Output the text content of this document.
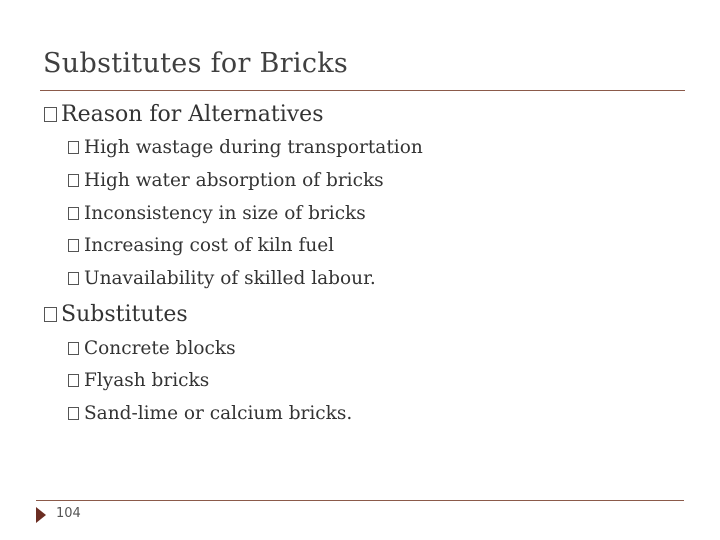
Substitutes for Bricks
Reason for Alternatives
High wastage during transportation
High water absorption of bricks
Inconsistency in size of bricks
Increasing cost of kiln fuel
Unavailability of skilled labour.
Substitutes
Concrete blocks
Flyash bricks
Sand-lime or calcium bricks.
104
